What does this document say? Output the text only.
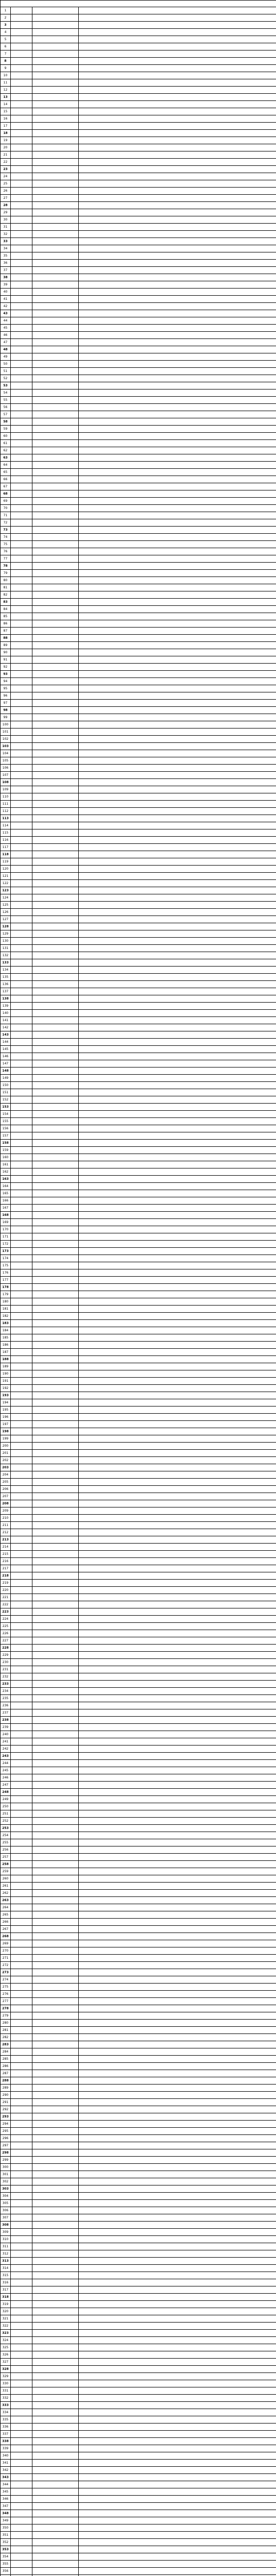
1			
2			
3			
4			
5			
6			
7			
8			
9			
10			
11			
12			
13			
14			
15			
16			
17			
18			
19			
20			
21			
22			
23			
24			
25			
26			
27			
28			
29			
30			
31			
32			
33			
34			
35			
36			
37			
38			
39			
40			
41			
42			
43			
44			
45			
46			
47			
48			
49			
50			
51			
52			
53			
54			
55			
56			
57			
58			
59			
60			
61			
62			
63			
64			
65			
66			
67			
68			
69			
70			
71			
72			
73			
74			
75			
76			
77			
78			
79			
80			
81			
82			
83			
84			
85			
86			
87			
88			
89			
90			
91			
92			
93			
94			
95			
96			
97			
98			
99			
100			
101			
102			
103			
104			
105			
106			
107			
108			
109			
110			
111			
112			
113			
114			
115			
116			
117			
118			
119			
120			
121			
122			
123			
124			
125			
126			
127			
128			
129			
130			
131			
132			
133			
134			
135			
136			
137			
138			
139			
140			
141			
142			
143			
144			
145			
146			
147			
148			
149			
150			
151			
152			
153			
154			
155			
156			
157			
158			
159			
160			
161			
162			
163			
164			
165			
166			
167			
168			
169			
170			
171			
172			
173			
174			
175			
176			
177			
178			
179			
180			
181			
182			
183			
184			
185			
186			
187			
188			
189			
190			
191			
192			
193			
194			
195			
196			
197			
198			
199			
200			
201			
202			
203			
204			
205			
206			
207			
208			
209			
210			
211			
212			
213			
214			
215			
216			
217			
218			
219			
220			
221			
222			
223			
224			
225			
226			
227			
228			
229			
230			
231			
232			
233			
234			
235			
236			
237			
238			
239			
240			
241			
242			
243			
244			
245			
246			
247			
248			
249			
250			
251			
252			
253			
254			
255			
256			
257			
258			
259			
260			
261			
262			
263			
264			
265			
266			
267			
268			
269			
270			
271			
272			
273			
274			
275			
276			
277			
278			
279			
280			
281			
282			
283			
284			
285			
286			
287			
288			
289			
290			
291			
292			
293			
294			
295			
296			
297			
298			
299			
300			
301			
302			
303			
304			
305			
306			
307			
308			
309			
310			
311			
312			
313			
314			
315			
316			
317			
318			
319			
320			
321			
322			
323			
324			
325			
326			
327			
328			
329			
330			
331			
332			
333			
334			
335			
336			
337			
338			
339			
340			
341			
342			
343			
344			
345			
346			
347			
348			
349			
350			
351			
352			
353			
354			
355			
356			
